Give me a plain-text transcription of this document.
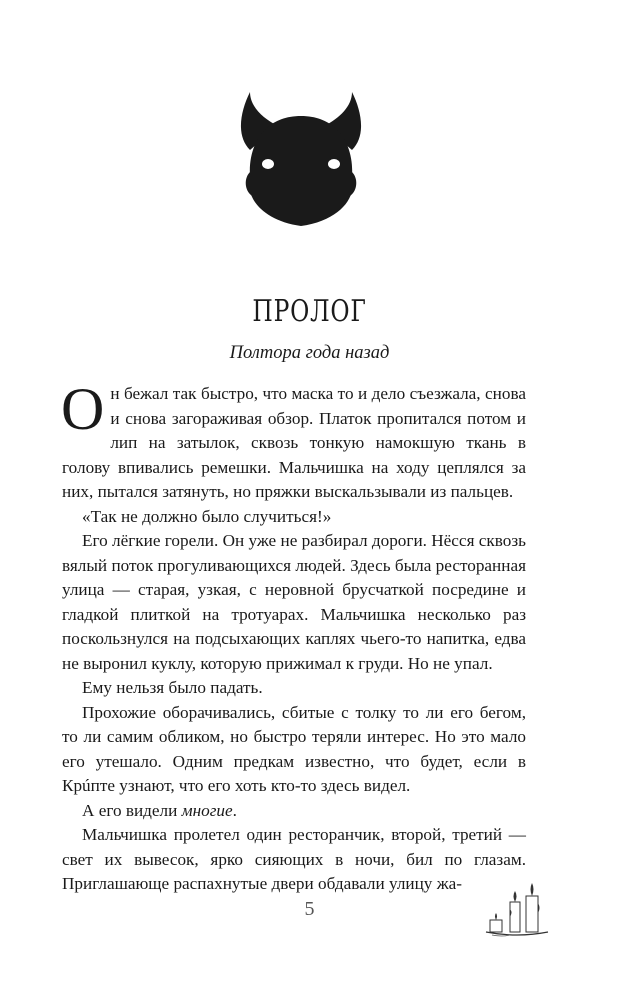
ПРОЛОГ

Полтора года назад

Он бежал так быстро, что маска то и дело съезжала, снова и снова загораживая обзор. Платок пропитался потом и лип на затылок, сквозь тонкую намокшую ткань в голову впивались ремешки. Мальчишка на ходу цеплялся за них, пытался затянуть, но пряжки выскальзывали из пальцев.

«Так не должно было случиться!»

Его лёгкие горели. Он уже не разбирал дороги. Нёсся сквозь вялый поток прогуливающихся людей. Здесь была ресторанная улица — старая, узкая, с неровной брусчаткой посредине и гладкой плиткой на тротуарах. Мальчишка несколько раз поскользнулся на подсыхающих каплях чьего-то напитка, едва не выронил куклу, которую прижимал к груди. Но не упал.

Ему нельзя было падать.

Прохожие оборачивались, сбитые с толку то ли его бегом, то ли самим обликом, но быстро теряли интерес. Но это мало его утешало. Одним предкам известно, что будет, если в Крúпте узнают, что его хоть кто-то здесь видел.

А его видели многие.

Мальчишка пролетел один ресторанчик, второй, третий — свет их вывесок, ярко сияющих в ночи, бил по глазам. Приглашающе распахнутые двери обдавали улицу жа-

5
